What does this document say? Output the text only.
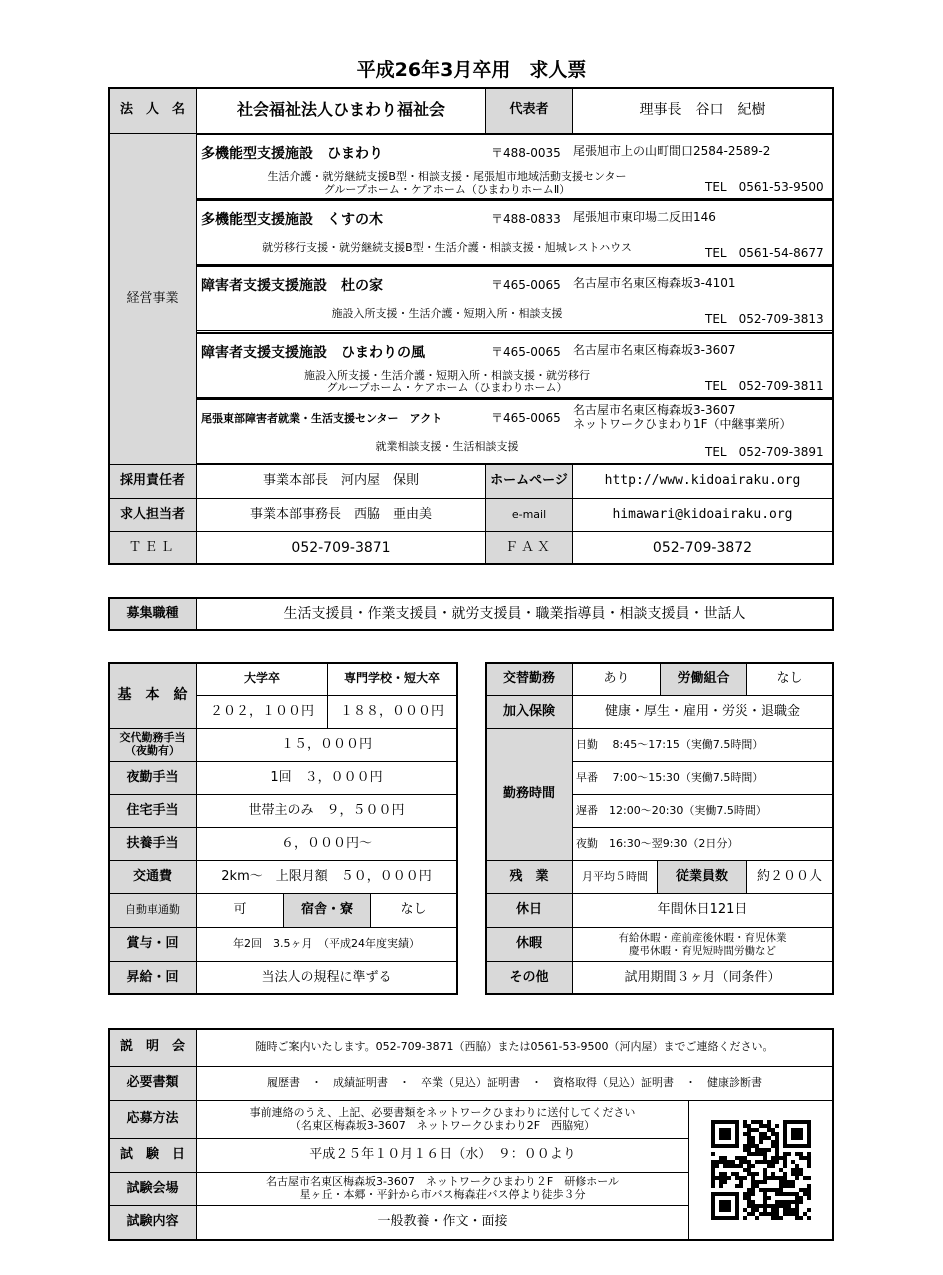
平成26年3月卒用　求人票
法　人　名	社会福祉法人ひまわり福祉会	代表者	理事長　谷口　紀樹
経営事業
多機能型支援施設　ひまわり	〒488-0035 尾張旭市上の山町間口2584-2589-2
生活介護・就労継続支援B型・相談支援・尾張旭市地域活動支援センター
グループホーム・ケアホーム（ひまわりホームⅡ）	TEL　0561-53-9500
多機能型支援施設　くすの木	〒488-0833 尾張旭市東印場二反田146
就労移行支援・就労継続支援B型・生活介護・相談支援・旭城レストハウス	TEL　0561-54-8677
障害者支援支援施設　杜の家	〒465-0065 名古屋市名東区梅森坂3-4101
施設入所支援・生活介護・短期入所・相談支援	TEL　052-709-3813
障害者支援支援施設　ひまわりの風	〒465-0065 名古屋市名東区梅森坂3-3607
施設入所支援・生活介護・短期入所・相談支援・就労移行
グループホーム・ケアホーム（ひまわりホーム）	TEL　052-709-3811
尾張東部障害者就業・生活支援センター　アクト	〒465-0065
名古屋市名東区梅森坂3-3607
ネットワークひまわり1F（中継事業所）
就業相談支援・生活相談支援	TEL　052-709-3891
採用責任者	事業本部長　河内屋　保則	ホームページ	http://www.kidoairaku.org
求人担当者	事業本部事務長　西脇　亜由美	e-mail	himawari@kidoairaku.org
ＴＥＬ	052-709-3871	ＦＡＸ	052-709-3872
募集職種	生活支援員・作業支援員・就労支援員・職業指導員・相談支援員・世話人
基　本　給
大学卒	専門学校・短大卒
２０２，１００円	１８８，０００円
交代勤務手当
（夜勤有）	１５，０００円
夜勤手当	1回　３，０００円
住宅手当	世帯主のみ　９，５００円
扶養手当	６，０００円～
交通費	2km～　上限月額　５０，０００円
自動車通勤	可	宿舎・寮	なし
賞与・回	年2回　3.5ヶ月　（平成24年度実績）
昇給・回	当法人の規程に準ずる
交替勤務	あり	労働組合	なし
加入保険	健康・厚生・雇用・労災・退職金
勤務時間
日勤　 8:45～17:15（実働7.5時間）
早番　 7:00～15:30（実働7.5時間）
遅番　12:00～20:30（実働7.5時間）
夜勤　16:30～翌9:30（2日分）
残　業	月平均５時間	従業員数	約２００人
休日	年間休日121日
休暇	有給休暇・産前産後休暇・育児休業
慶弔休暇・育児短時間労働など
その他	試用期間３ヶ月（同条件）
説　明　会	随時ご案内いたします。052-709-3871（西脇）または0561-53-9500（河内屋）までご連絡ください。
必要書類	履歴書　・　成績証明書　・　卒業（見込）証明書　・　資格取得（見込）証明書　・　健康診断書
応募方法	事前連絡のうえ、上記、必要書類をネットワークひまわりに送付してください
（名東区梅森坂3-3607　ネットワークひまわり2F　西脇宛）
試　験　日	平成２５年１０月１６日（水）　９：００より
試験会場	名古屋市名東区梅森坂3-3607　ネットワークひまわり２F　研修ホール
星ヶ丘・本郷・平針から市バス梅森荘バス停より徒歩３分
試験内容	一般教養・作文・面接
